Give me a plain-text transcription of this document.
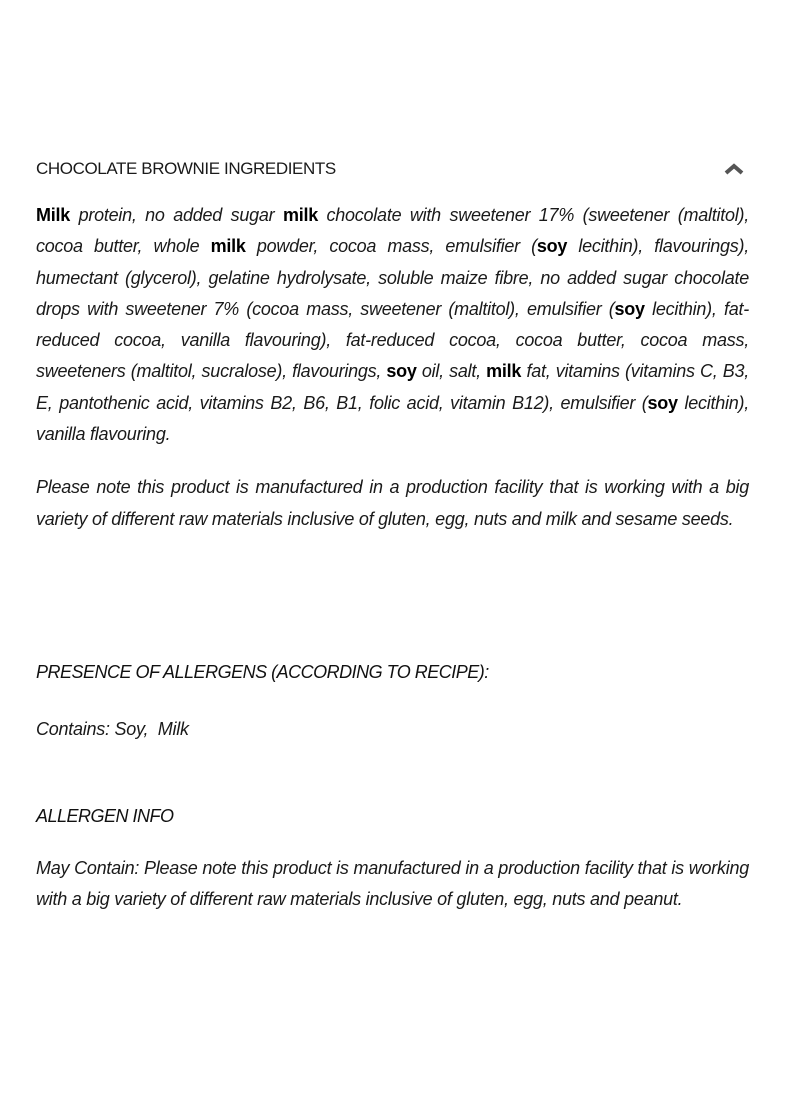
CHOCOLATE BROWNIE INGREDIENTS

Milk protein, no added sugar milk chocolate with sweetener 17% (sweetener (maltitol), cocoa butter, whole milk powder, cocoa mass, emulsifier (soy lecithin), flavourings), humectant (glycerol), gelatine hydrolysate, soluble maize fibre, no added sugar chocolate drops with sweetener 7% (cocoa mass, sweetener (maltitol), emulsifier (soy lecithin), fat-reduced cocoa, vanilla flavouring), fat-reduced cocoa, cocoa butter, cocoa mass, sweeteners (maltitol, sucralose), flavourings, soy oil, salt, milk fat, vitamins (vitamins C, B3, E, pantothenic acid, vitamins B2, B6, B1, folic acid, vitamin B12), emulsifier (soy lecithin), vanilla flavouring.

Please note this product is manufactured in a production facility that is working with a big variety of different raw materials inclusive of gluten, egg, nuts and milk and sesame seeds.

PRESENCE OF ALLERGENS (ACCORDING TO RECIPE):

Contains: Soy,  Milk

ALLERGEN INFO

May Contain: Please note this product is manufactured in a production facility that is working with a big variety of different raw materials inclusive of gluten, egg, nuts and peanut.
